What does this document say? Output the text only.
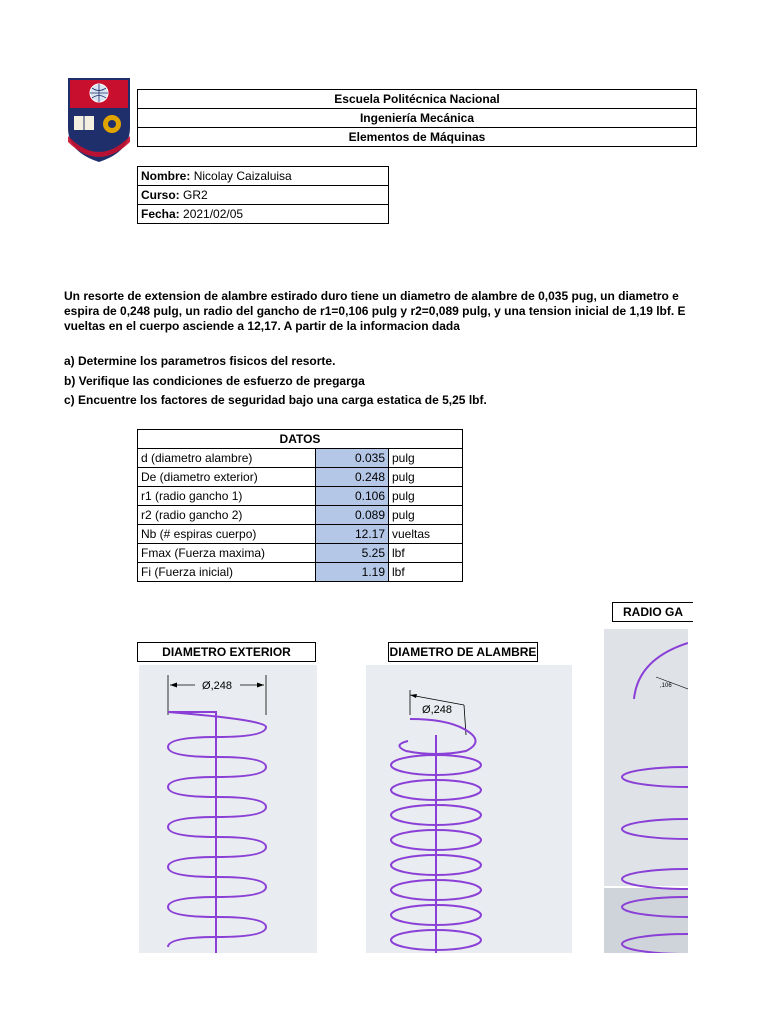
Escuela Politécnica Nacional
Ingeniería Mecánica
Elementos de Máquinas
Nombre: Nicolay Caizaluisa
Curso: GR2
Fecha: 2021/02/05
Un resorte de extension de alambre estirado duro tiene un diametro de alambre de 0,035 pug, un diametro e
espira de 0,248 pulg, un radio del gancho de r1=0,106 pulg y r2=0,089 pulg, y una tension inicial de 1,19 lbf. E
vueltas en el cuerpo asciende a 12,17. A partir de la informacion dada
a) Determine los parametros fisicos del resorte.
b) Verifique las condiciones de esfuerzo de pregarga
c) Encuentre los factores de seguridad bajo una carga estatica de 5,25 lbf.
DATOS		
d (diametro alambre)	0.035	pulg
De (diametro exterior)	0.248	pulg
r1 (radio gancho 1)	0.106	pulg
r2 (radio gancho 2)	0.089	pulg
Nb (# espiras cuerpo)	12.17	vueltas
Fmax (Fuerza maxima)	5.25	lbf
Fi (Fuerza inicial)	1.19	lbf
DIAMETRO EXTERIOR	DIAMETRO DE ALAMBRE
RADIO GA
Ø,248
Ø,248
,106
